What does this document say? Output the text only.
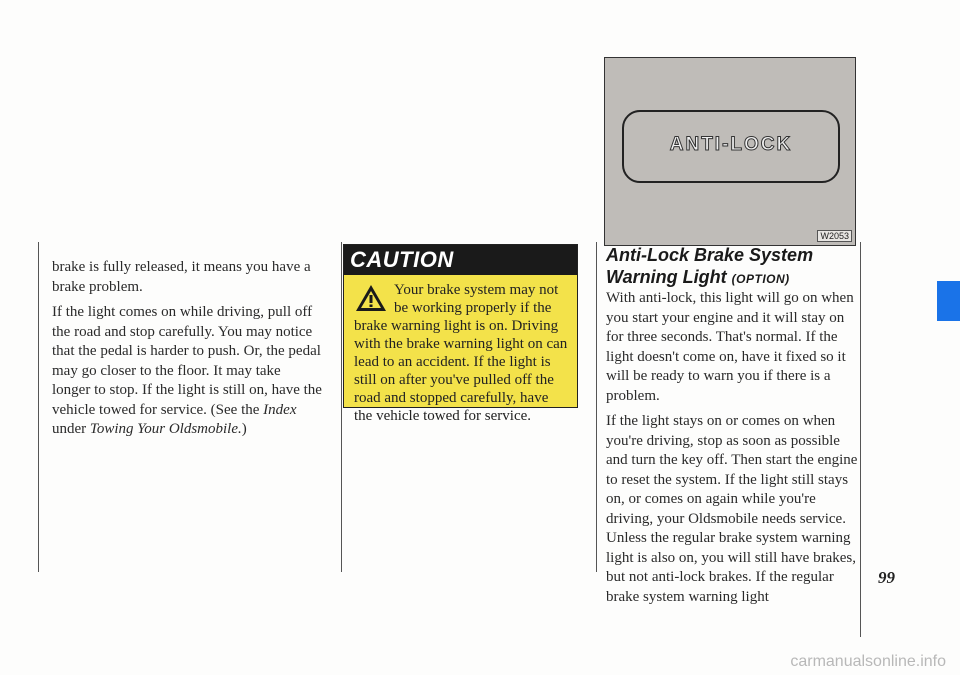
brake is fully released, it means you have a brake problem.

If the light comes on while driving, pull off the road and stop carefully. You may notice that the pedal is harder to push. Or, the pedal may go closer to the floor. It may take longer to stop. If the light is still on, have the vehicle towed for service. (See the Index under Towing Your Oldsmobile.)

CAUTION
Your brake system may not
be working properly if the
brake warning light is on. Driving with the brake warning light on can lead to an accident. If the light is still on after you've pulled off the road and stopped carefully, have the vehicle towed for service.
ANTI-LOCK
W2053
Anti-Lock Brake System Warning Light (OPTION)

With anti-lock, this light will go on when you start your engine and it will stay on for three seconds. That's normal. If the light doesn't come on, have it fixed so it will be ready to warn you if there is a problem.

If the light stays on or comes on when you're driving, stop as soon as possible and turn the key off. Then start the engine to reset the system. If the light still stays on, or comes on again while you're driving, your Oldsmobile needs service. Unless the regular brake system warning light is also on, you will still have brakes, but not anti-lock brakes. If the regular brake system warning light

99
carmanualsonline.info
